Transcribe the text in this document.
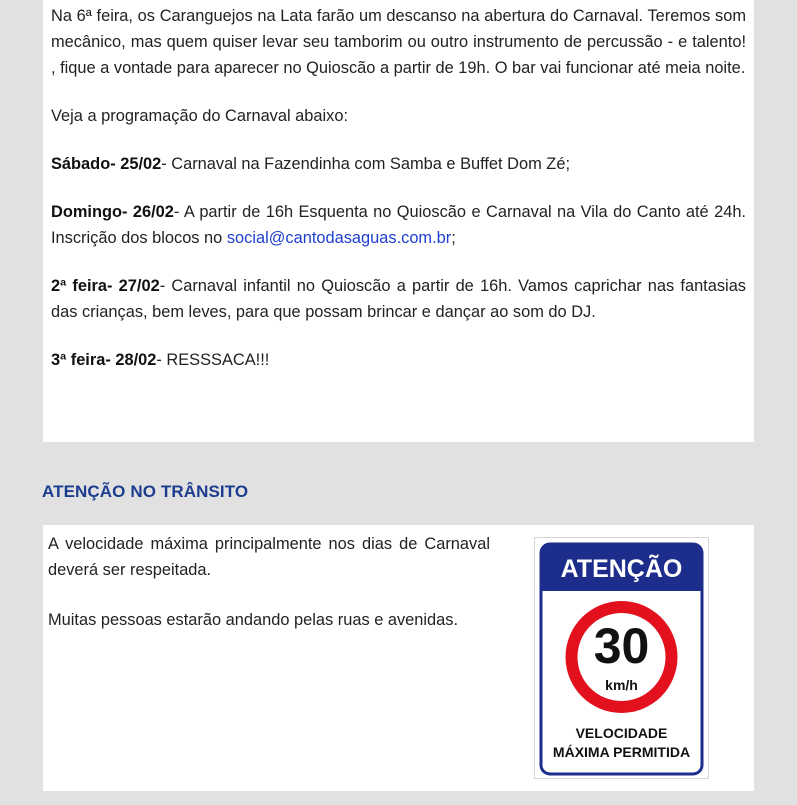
Na 6ª feira, os Caranguejos na Lata farão um descanso na abertura do Carnaval. Teremos som mecânico, mas quem quiser levar seu tamborim ou outro instrumento de percussão - e talento! , fique a vontade para aparecer no Quioscão a partir de 19h. O bar vai funcionar até meia noite.

Veja a programação do Carnaval abaixo:

Sábado- 25/02- Carnaval na Fazendinha com Samba e Buffet Dom Zé;

Domingo- 26/02- A partir de 16h Esquenta no Quioscão e Carnaval na Vila do Canto até 24h. Inscrição dos blocos no social@cantodasaguas.com.br;

2ª feira- 27/02- Carnaval infantil no Quioscão a partir de 16h. Vamos caprichar nas fantasias das crianças, bem leves, para que possam brincar e dançar ao som do DJ.

3ª feira- 28/02- RESSSACA!!!

ATENÇÃO NO TRÂNSITO

A velocidade máxima principalmente nos dias de Carnaval deverá ser respeitada.

Muitas pessoas estarão andando pelas ruas e avenidas.

ATENÇÃO
30
km/h
VELOCIDADE
MÁXIMA PERMITIDA
